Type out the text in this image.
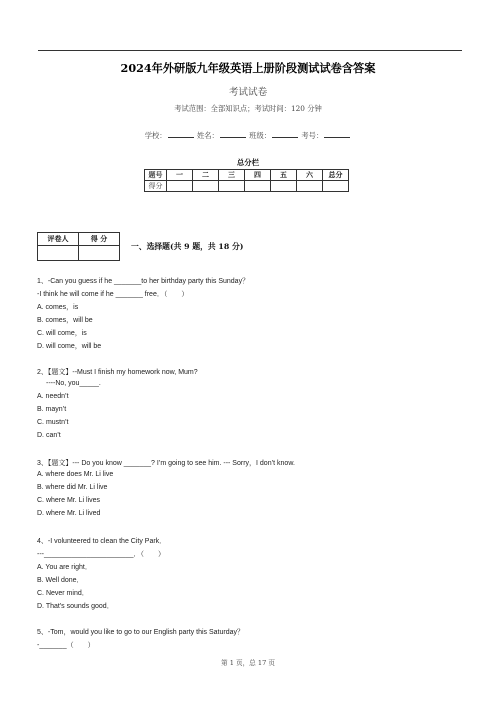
2024年外研版九年级英语上册阶段测试试卷含答案
考试试卷
考试范围：全部知识点；考试时间：120 分钟
学校：	姓名：	班级：	考号：
总分栏
题号	一	二	三	四	五	六	总分
得分							
评卷人	得 分

一、选择题(共 9 题，共 18 分)
1、-Can you guess if he _______to her birthday party this Sunday？
-I think he will come if he _______ free．（　　）
A. comes，is
B. comes，will be
C. will come，is
D. will come，will be
2、【题文】--Must I finish my homework now, Mum?
----No, you_____.
A. needn’t
B. mayn’t
C. mustn’t
D. can’t
3、【题文】--- Do you know _______? I’m going to see him. --- Sorry，I don’t know.
A. where does Mr. Li live
B. where did Mr. Li live
C. where Mr. Li lives
D. where Mr. Li lived
4、-I volunteered to clean the City Park．
---_______________________．（　　）
A. You are right．
B. Well done．
C. Never mind．
D. That's sounds good．
5、-Tom，would you like to go to our English party this Saturday？
-_______（　　）
第 1 页，总 17 页
